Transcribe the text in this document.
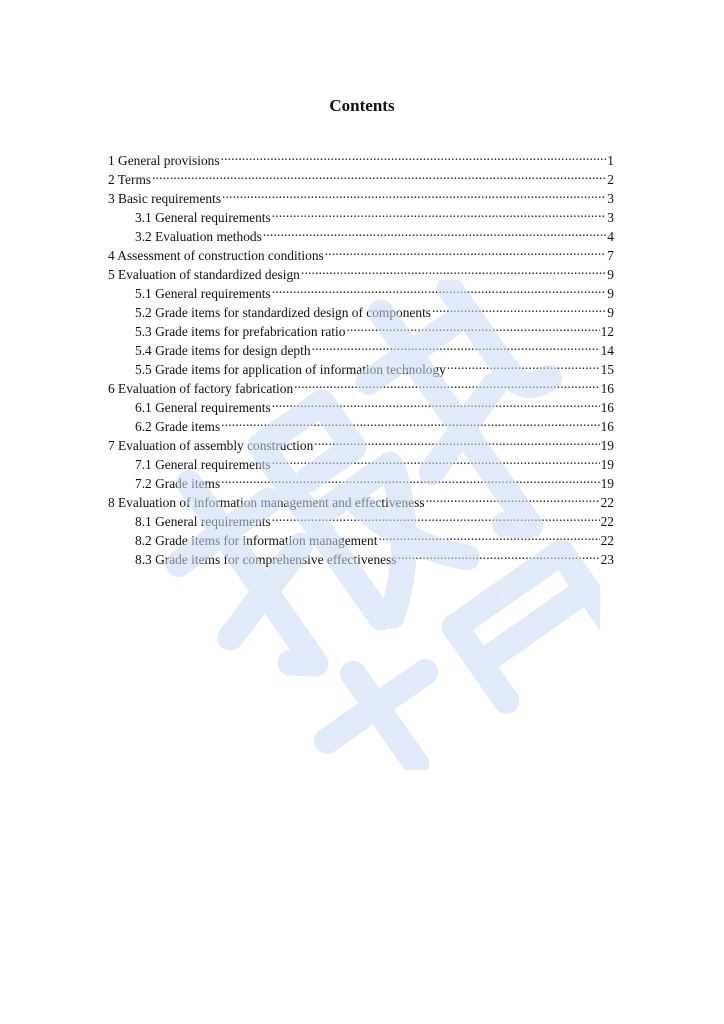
Contents
1 General provisions .....	1
2 Terms .....	2
3 Basic requirements .....	3
3.1 General requirements .....	3
3.2 Evaluation methods .....	4
4 Assessment of construction conditions .....	7
5 Evaluation of standardized design .....	9
5.1 General requirements .....	9
5.2 Grade items for standardized design of components .....	9
5.3 Grade items for prefabrication ratio .....	12
5.4 Grade items for design depth .....	14
5.5 Grade items for application of information technology .....	15
6 Evaluation of factory fabrication .....	16
6.1 General requirements .....	16
6.2 Grade items .....	16
7 Evaluation of assembly construction .....	19
7.1 General requirements .....	19
7.2 Grade items .....	19
8 Evaluation of information management and effectiveness .....	22
8.1 General requirements .....	22
8.2 Grade items for information management .....	22
8.3 Grade items for comprehensive effectiveness .....	23
